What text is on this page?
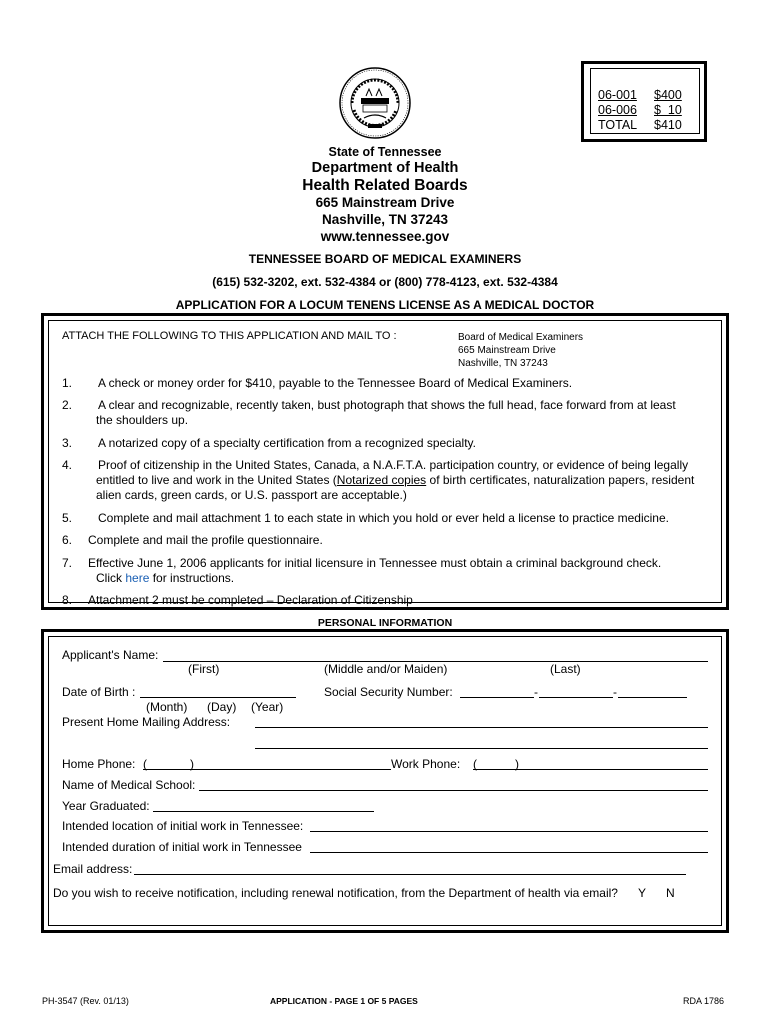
06-001 $400
06-006 $  10
TOTAL $410
State of Tennessee
Department of Health
Health Related Boards
665 Mainstream Drive
Nashville, TN 37243
www.tennessee.gov
TENNESSEE BOARD OF MEDICAL EXAMINERS
(615) 532-3202, ext. 532-4384 or (800) 778-4123, ext. 532-4384
APPLICATION FOR A LOCUM TENENS LICENSE AS A MEDICAL DOCTOR
ATTACH THE FOLLOWING TO THIS APPLICATION AND MAIL TO :	Board of Medical Examiners
665 Mainstream Drive
Nashville, TN 37243
1. A check or money order for $410, payable to the Tennessee Board of Medical Examiners.
2. A clear and recognizable, recently taken, bust photograph that shows the full head, face forward from at least
the shoulders up.
3. A notarized copy of a specialty certification from a recognized specialty.
4. Proof of citizenship in the United States, Canada, a N.A.F.T.A. participation country, or evidence of being legally
entitled to live and work in the United States (Notarized copies of birth certificates, naturalization papers, resident
alien cards, green cards, or U.S. passport are acceptable.)
5. Complete and mail attachment 1 to each state in which you hold or ever held a license to practice medicine.
6. Complete and mail the profile questionnaire.
7. Effective June 1, 2006 applicants for initial licensure in Tennessee must obtain a criminal background check.
Click here for instructions.
8. Attachment 2 must be completed – Declaration of Citizenship
PERSONAL INFORMATION
Applicant's Name:
(First)	(Middle and/or Maiden)	(Last)
Date of Birth :	Social Security Number:	-	-
(Month) (Day) (Year)
Present Home Mailing Address:
Home Phone: (	)	Work Phone: (	)
Name of Medical School:
Year Graduated:
Intended location of initial work in Tennessee:
Intended duration of initial work in Tennessee
Email address:
Do you wish to receive notification, including renewal notification, from the Department of health via email? Y N
PH-3547 (Rev. 01/13)	APPLICATION - PAGE 1 OF 5 PAGES	RDA 1786
